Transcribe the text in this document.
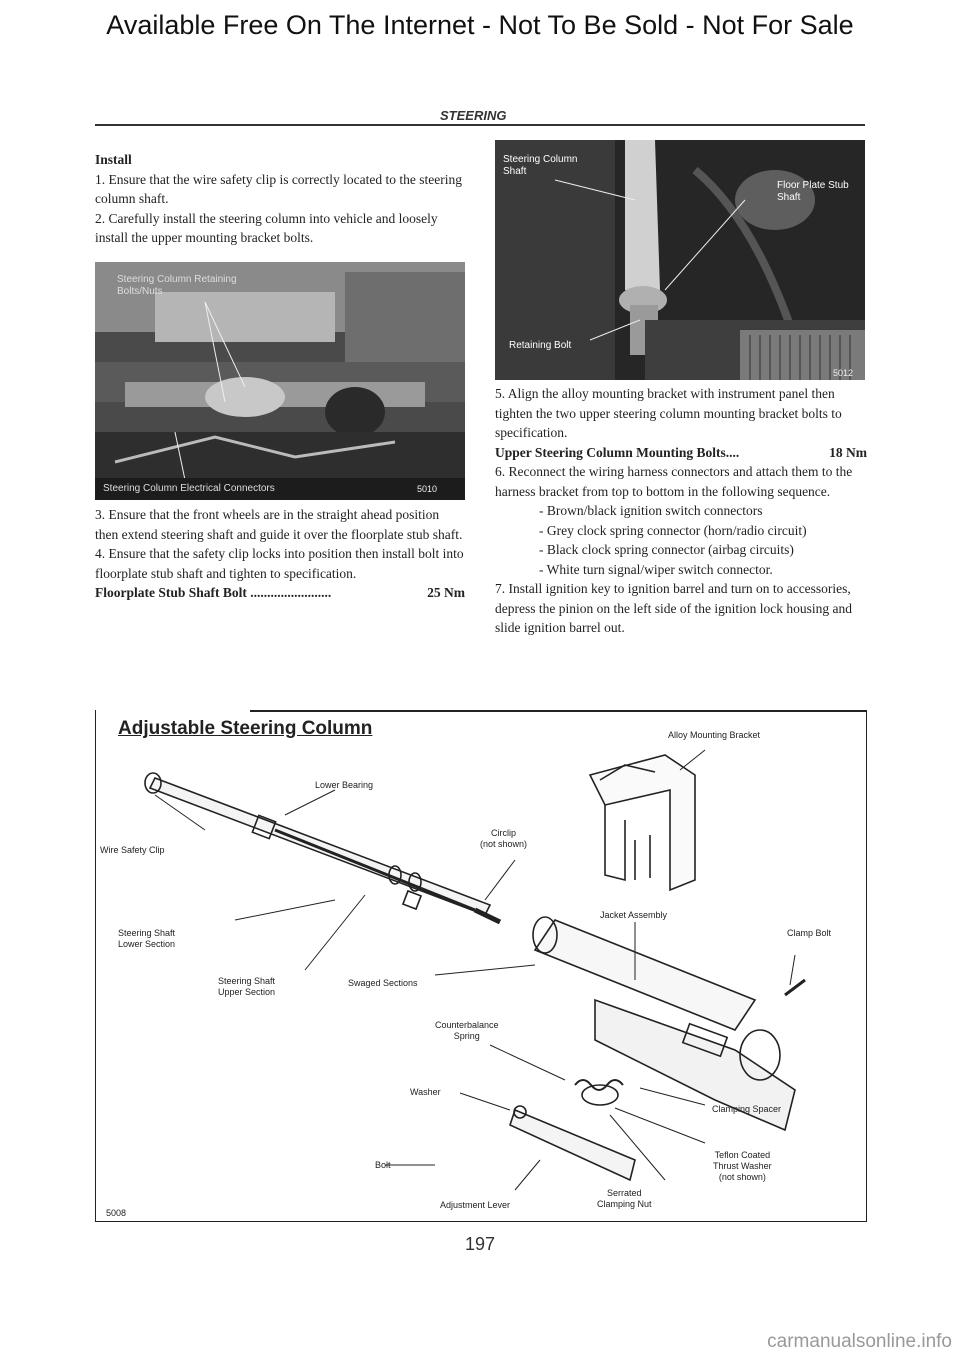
Available Free On The Internet - Not To Be Sold - Not For Sale
STEERING

Install

1. Ensure that the wire safety clip is correctly located to the steering column shaft.

2. Carefully install the steering column into vehicle and loosely install the upper mounting bracket bolts.

Steering Column Retaining Bolts/Nuts
Steering Column Electrical Connectors	5010

3. Ensure that the front wheels are in the straight ahead position then extend steering shaft and guide it over the floorplate stub shaft.

4. Ensure that the safety clip locks into position then install bolt into floorplate stub shaft and tighten to specification.

Floorplate Stub Shaft Bolt ........................	25 Nm

Steering Column Shaft
Floor Plate Stub Shaft
Retaining Bolt
5012

5. Align the alloy mounting bracket with instrument panel then tighten the two upper steering column mounting bracket bolts to specification.

Upper Steering Column Mounting Bolts....	18 Nm

6. Reconnect the wiring harness connectors and attach them to the harness bracket from top to bottom in the following sequence.

- Brown/black ignition switch connectors

- Grey clock spring connector (horn/radio circuit)

- Black clock spring connector (airbag circuits)

- White turn signal/wiper switch connector.

7. Install ignition key to ignition barrel and turn on to accessories, depress the pinion on the left side of the ignition lock housing and slide ignition barrel out.

Adjustable Steering Column	Alloy Mounting Bracket
Lower Bearing
Circlip
(not shown)
Wire Safety Clip
Jacket Assembly
Clamp Bolt
Steering Shaft
Lower Section
Steering Shaft
Upper Section
Swaged Sections
Counterbalance
Spring
Washer
Clamping Spacer
Teflon Coated
Thrust Washer
(not shown)
Bolt
Serrated
Clamping Nut
Adjustment Lever
5008
197
carmanualsonline.info
